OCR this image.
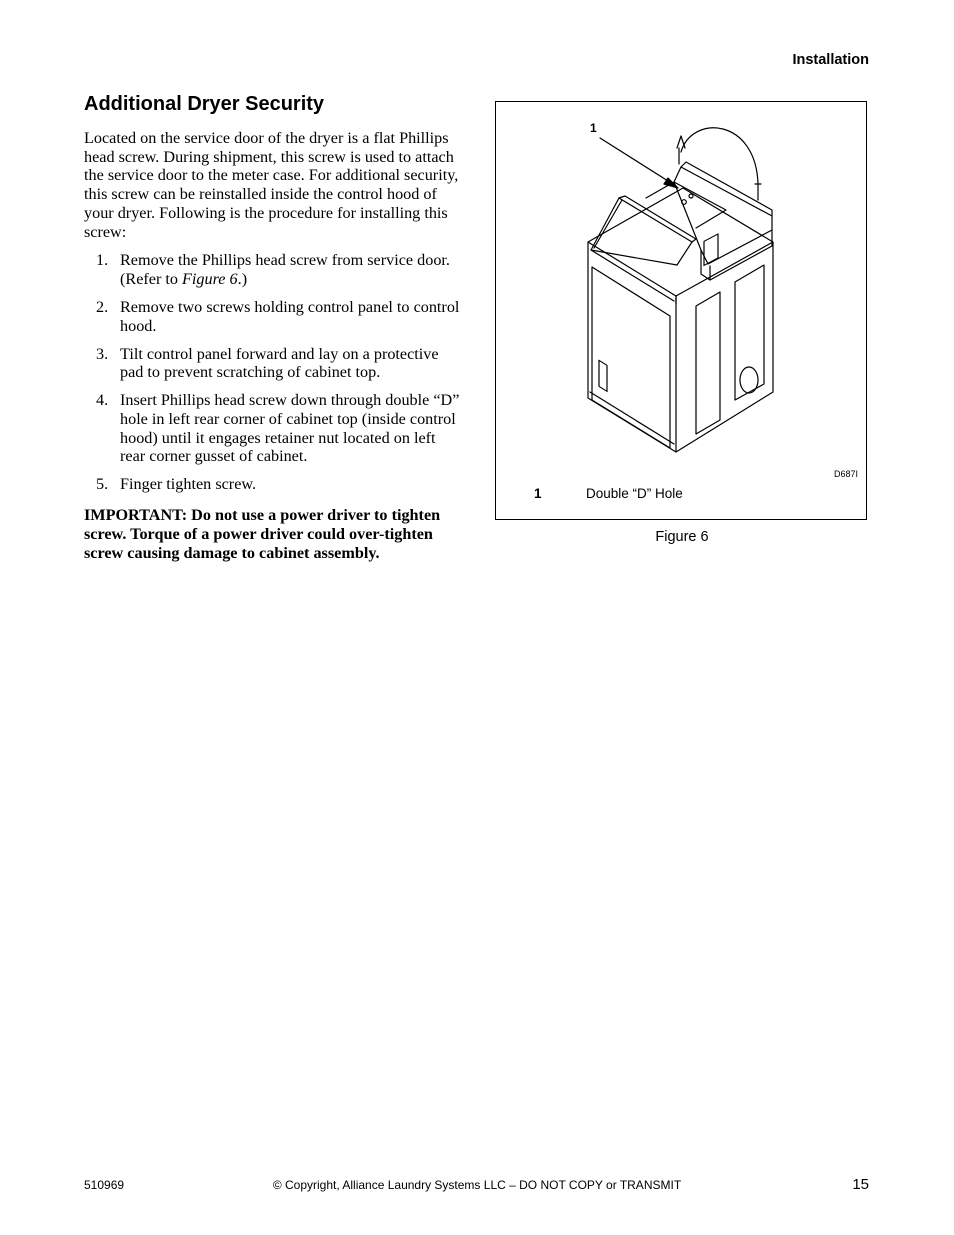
Installation
Additional Dryer Security

Located on the service door of the dryer is a flat Phillips head screw. During shipment, this screw is used to attach the service door to the meter case. For additional security, this screw can be reinstalled inside the control hood of your dryer. Following is the procedure for installing this screw:

1. Remove the Phillips head screw from service door. (Refer to Figure 6.)
2. Remove two screws holding control panel to control hood.
3. Tilt control panel forward and lay on a protective pad to prevent scratching of cabinet top.
4. Insert Phillips head screw down through double “D” hole in left rear corner of cabinet top (inside control hood) until it engages retainer nut located on left rear corner gusset of cabinet.
5. Finger tighten screw.

IMPORTANT: Do not use a power driver to tighten screw. Torque of a power driver could over-tighten screw causing damage to cabinet assembly.

1
D687I
1	Double “D” Hole
Figure 6
510969	© Copyright, Alliance Laundry Systems LLC – DO NOT COPY or TRANSMIT	15
